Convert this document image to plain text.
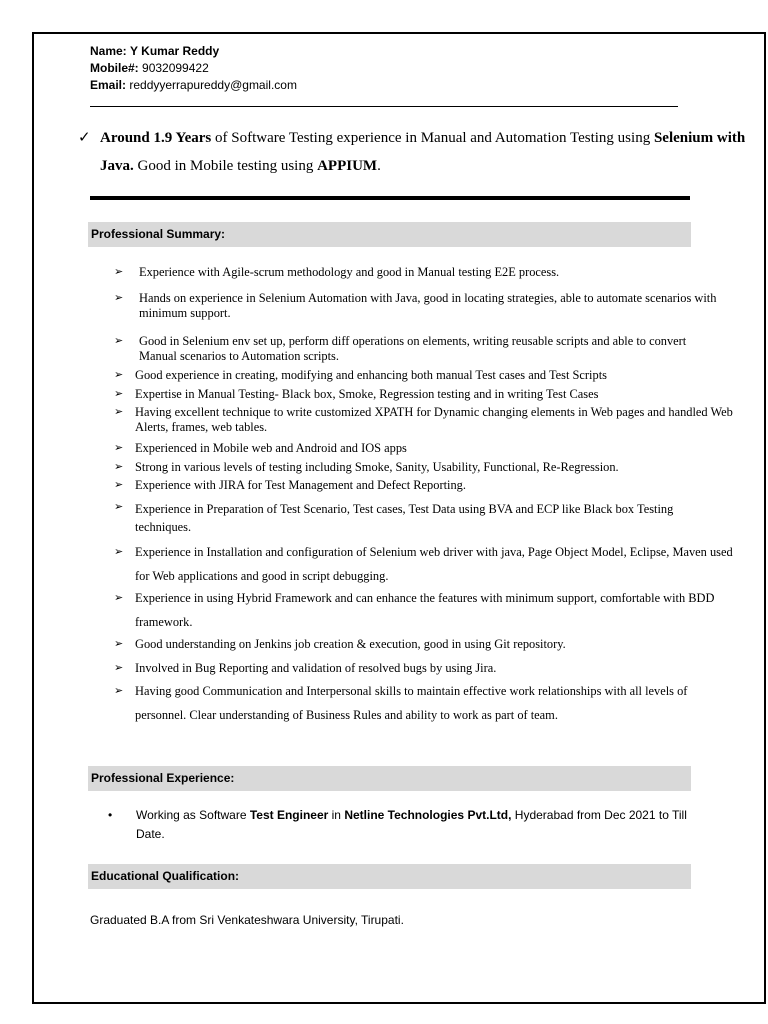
Name: Y Kumar Reddy
Mobile#: 9032099422
Email: reddyyerrapureddy@gmail.com
✓ Around 1.9 Years of Software Testing experience in Manual and Automation Testing using Selenium with Java. Good in Mobile testing using APPIUM.
Professional Summary:
➢ Experience with Agile-scrum methodology and good in Manual testing E2E process.
➢ Hands on experience in Selenium Automation with Java, good in locating strategies, able to automate scenarios with minimum support.
➢ Good in Selenium env set up, perform diff operations on elements, writing reusable scripts and able to convert Manual scenarios to Automation scripts.
➢ Good experience in creating, modifying and enhancing both manual Test cases and Test Scripts
➢ Expertise in Manual Testing- Black box, Smoke, Regression testing and in writing Test Cases
➢ Having excellent technique to write customized XPATH for Dynamic changing elements in Web pages and handled Web Alerts, frames, web tables.
➢ Experienced in Mobile web and Android and IOS apps
➢ Strong in various levels of testing including Smoke, Sanity, Usability, Functional, Re-Regression.
➢ Experience with JIRA for Test Management and Defect Reporting.
➢ Experience in Preparation of Test Scenario, Test cases, Test Data using BVA and ECP like Black box Testing techniques.
➢ Experience in Installation and configuration of Selenium web driver with java, Page Object Model, Eclipse, Maven used for Web applications and good in script debugging.
➢ Experience in using Hybrid Framework and can enhance the features with minimum support, comfortable with BDD framework.
➢ Good understanding on Jenkins job creation & execution, good in using Git repository.
➢ Involved in Bug Reporting and validation of resolved bugs by using Jira.
➢ Having good Communication and Interpersonal skills to maintain effective work relationships with all levels of personnel. Clear understanding of Business Rules and ability to work as part of team.
Professional Experience:
• Working as Software Test Engineer in Netline Technologies Pvt.Ltd, Hyderabad from Dec 2021 to Till Date.
Educational Qualification:
Graduated B.A from Sri Venkateshwara University, Tirupati.
